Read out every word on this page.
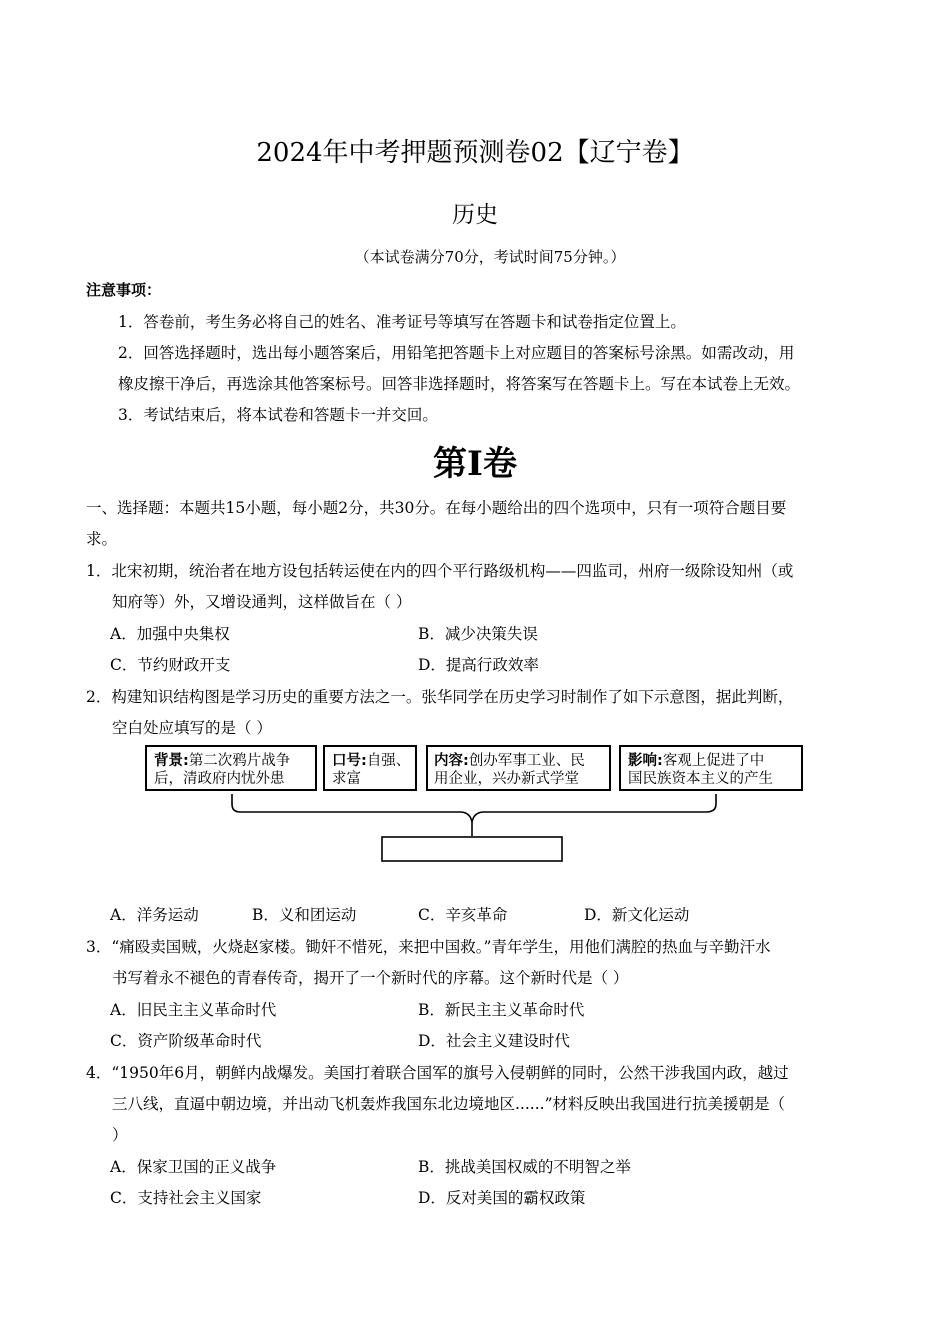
2024年中考押题预测卷02【辽宁卷】
历史
（本试卷满分70分，考试时间75分钟。）
注意事项：
1．答卷前，考生务必将自己的姓名、准考证号等填写在答题卡和试卷指定位置上。
2．回答选择题时，选出每小题答案后，用铅笔把答题卡上对应题目的答案标号涂黑。如需改动，用
橡皮擦干净后，再选涂其他答案标号。回答非选择题时，将答案写在答题卡上。写在本试卷上无效。
3．考试结束后，将本试卷和答题卡一并交回。
第Ⅰ卷
一、选择题：本题共15小题，每小题2分，共30分。在每小题给出的四个选项中，只有一项符合题目要
求。
1．北宋初期，统治者在地方设包括转运使在内的四个平行路级机构——四监司，州府一级除设知州（或
知府等）外，又增设通判，这样做旨在（ ）
A．加强中央集权	B．减少决策失误
C．节约财政开支	D．提高行政效率
2．构建知识结构图是学习历史的重要方法之一。张华同学在历史学习时制作了如下示意图，据此判断，
空白处应填写的是（ ）
背景:第二次鸦片战争
后，清政府内忧外患
口号:自强、
求富
内容:创办军事工业、民
用企业，兴办新式学堂
影响:客观上促进了中
国民族资本主义的产生
A．洋务运动	B．义和团运动	C．辛亥革命	D．新文化运动
3．“痛殴卖国贼，火烧赵家楼。锄奸不惜死，来把中国救。”青年学生，用他们满腔的热血与辛勤汗水
书写着永不褪色的青春传奇，揭开了一个新时代的序幕。这个新时代是（ ）
A．旧民主主义革命时代	B．新民主主义革命时代
C．资产阶级革命时代	D．社会主义建设时代
4．“1950年6月，朝鲜内战爆发。美国打着联合国军的旗号入侵朝鲜的同时，公然干涉我国内政，越过
三八线，直逼中朝边境，并出动飞机轰炸我国东北边境地区......”材料反映出我国进行抗美援朝是（
）
A．保家卫国的正义战争	B．挑战美国权威的不明智之举
C．支持社会主义国家	D．反对美国的霸权政策
